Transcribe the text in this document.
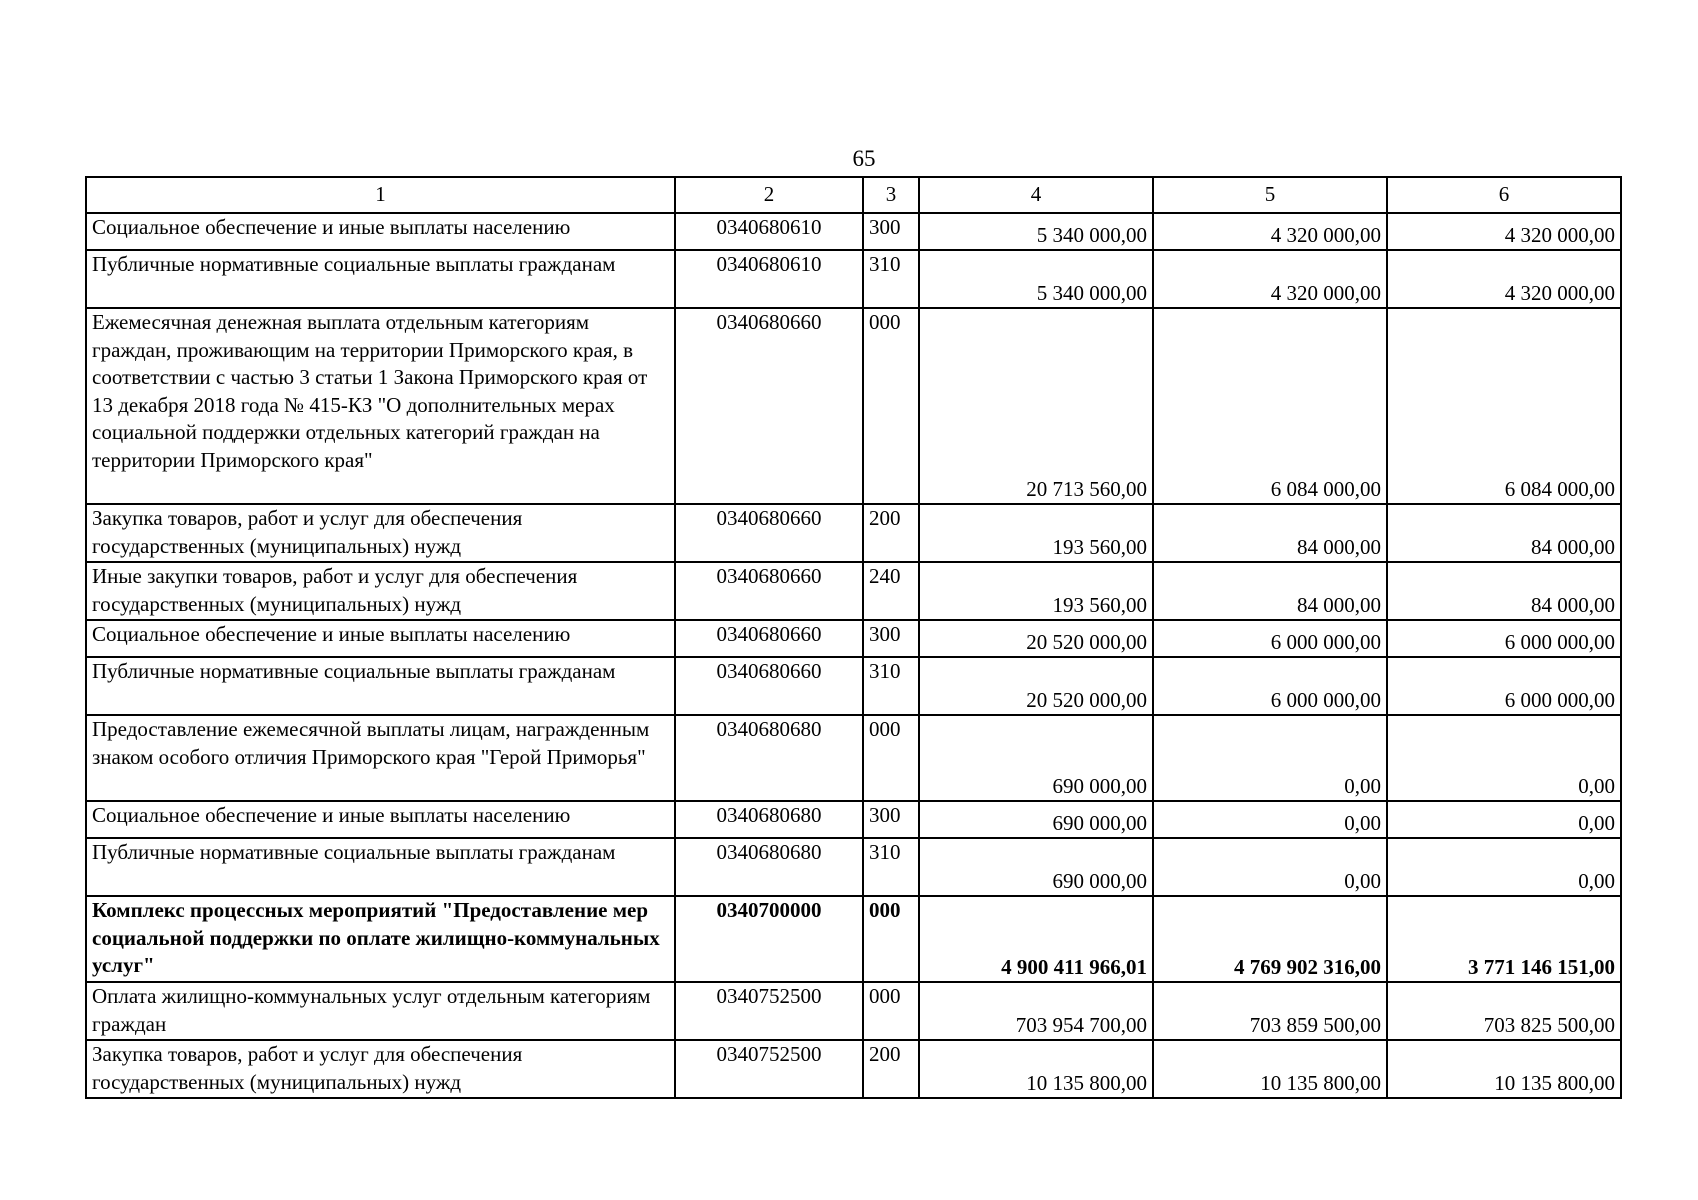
65
1	2	3	4	5	6
Социальное обеспечение и иные выплаты населению	0340680610	300	5 340 000,00	4 320 000,00	4 320 000,00
Публичные нормативные социальные выплаты гражданам	0340680610	310	5 340 000,00	4 320 000,00	4 320 000,00
Ежемесячная денежная выплата отдельным категориям граждан, проживающим на территории Приморского края, в соответствии с частью 3 статьи 1 Закона Приморского края от 13 декабря 2018 года № 415-КЗ "О дополнительных мерах социальной поддержки отдельных категорий граждан на территории Приморского края"	0340680660	000	20 713 560,00	6 084 000,00	6 084 000,00
Закупка товаров, работ и услуг для обеспечения государственных (муниципальных) нужд	0340680660	200	193 560,00	84 000,00	84 000,00
Иные закупки товаров, работ и услуг для обеспечения государственных (муниципальных) нужд	0340680660	240	193 560,00	84 000,00	84 000,00
Социальное обеспечение и иные выплаты населению	0340680660	300	20 520 000,00	6 000 000,00	6 000 000,00
Публичные нормативные социальные выплаты гражданам	0340680660	310	20 520 000,00	6 000 000,00	6 000 000,00
Предоставление ежемесячной выплаты лицам, награжденным знаком особого отличия Приморского края "Герой Приморья"	0340680680	000	690 000,00	0,00	0,00
Социальное обеспечение и иные выплаты населению	0340680680	300	690 000,00	0,00	0,00
Публичные нормативные социальные выплаты гражданам	0340680680	310	690 000,00	0,00	0,00
Комплекс процессных мероприятий "Предоставление мер социальной поддержки по оплате жилищно-коммунальных услуг"	0340700000	000	4 900 411 966,01	4 769 902 316,00	3 771 146 151,00
Оплата жилищно-коммунальных услуг отдельным категориям граждан	0340752500	000	703 954 700,00	703 859 500,00	703 825 500,00
Закупка товаров, работ и услуг для обеспечения государственных (муниципальных) нужд	0340752500	200	10 135 800,00	10 135 800,00	10 135 800,00
